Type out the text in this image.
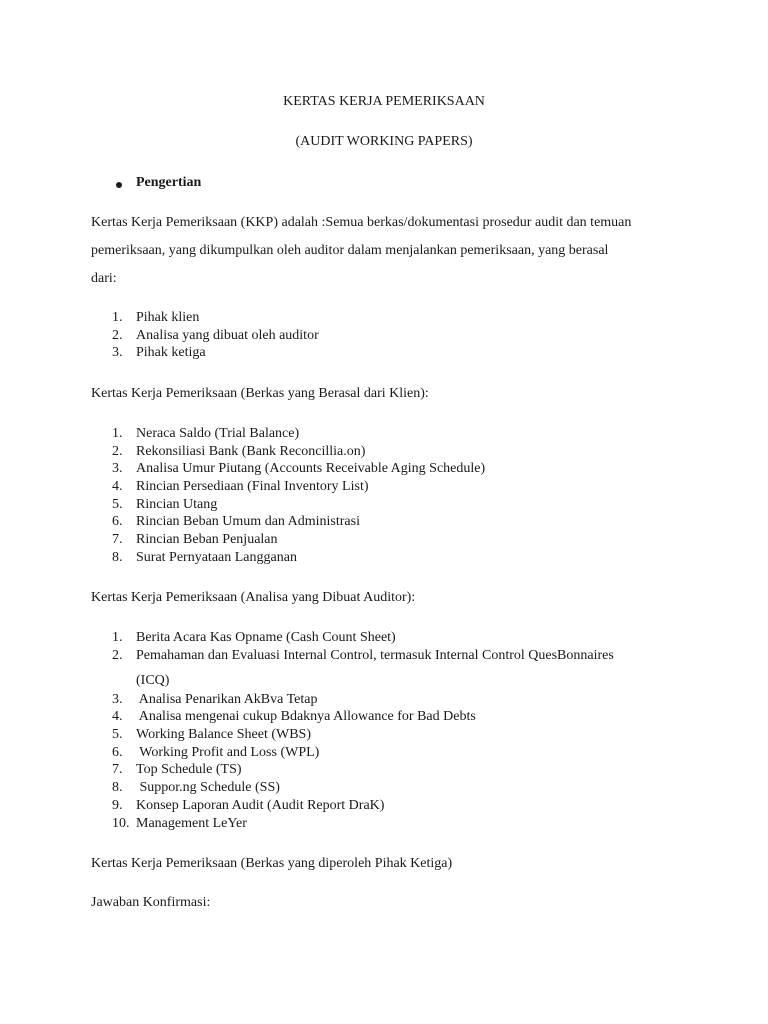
KERTAS KERJA PEMERIKSAAN
(AUDIT WORKING PAPERS)
Pengertian
Kertas Kerja Pemeriksaan (KKP) adalah :Semua berkas/dokumentasi prosedur audit dan temuan
pemeriksaan, yang dikumpulkan oleh auditor dalam menjalankan pemeriksaan, yang berasal
dari:
1. Pihak klien
2. Analisa yang dibuat oleh auditor
3. Pihak ketiga
Kertas Kerja Pemeriksaan (Berkas yang Berasal dari Klien):
1. Neraca Saldo (Trial Balance)
2. Rekonsiliasi Bank (Bank Reconcillia.on)
3. Analisa Umur Piutang (Accounts Receivable Aging Schedule)
4. Rincian Persediaan (Final Inventory List)
5. Rincian Utang
6. Rincian Beban Umum dan Administrasi
7. Rincian Beban Penjualan
8. Surat Pernyataan Langganan
Kertas Kerja Pemeriksaan (Analisa yang Dibuat Auditor):
1. Berita Acara Kas Opname (Cash Count Sheet)
2. Pemahaman dan Evaluasi Internal Control, termasuk Internal Control QuesBonnaires
(ICQ)
3. Analisa Penarikan AkBva Tetap
4. Analisa mengenai cukup Bdaknya Allowance for Bad Debts
5. Working Balance Sheet (WBS)
6. Working Profit and Loss (WPL)
7. Top Schedule (TS)
8. Suppor.ng Schedule (SS)
9. Konsep Laporan Audit (Audit Report DraK)
10. Management LeYer
Kertas Kerja Pemeriksaan (Berkas yang diperoleh Pihak Ketiga)
Jawaban Konfirmasi:
